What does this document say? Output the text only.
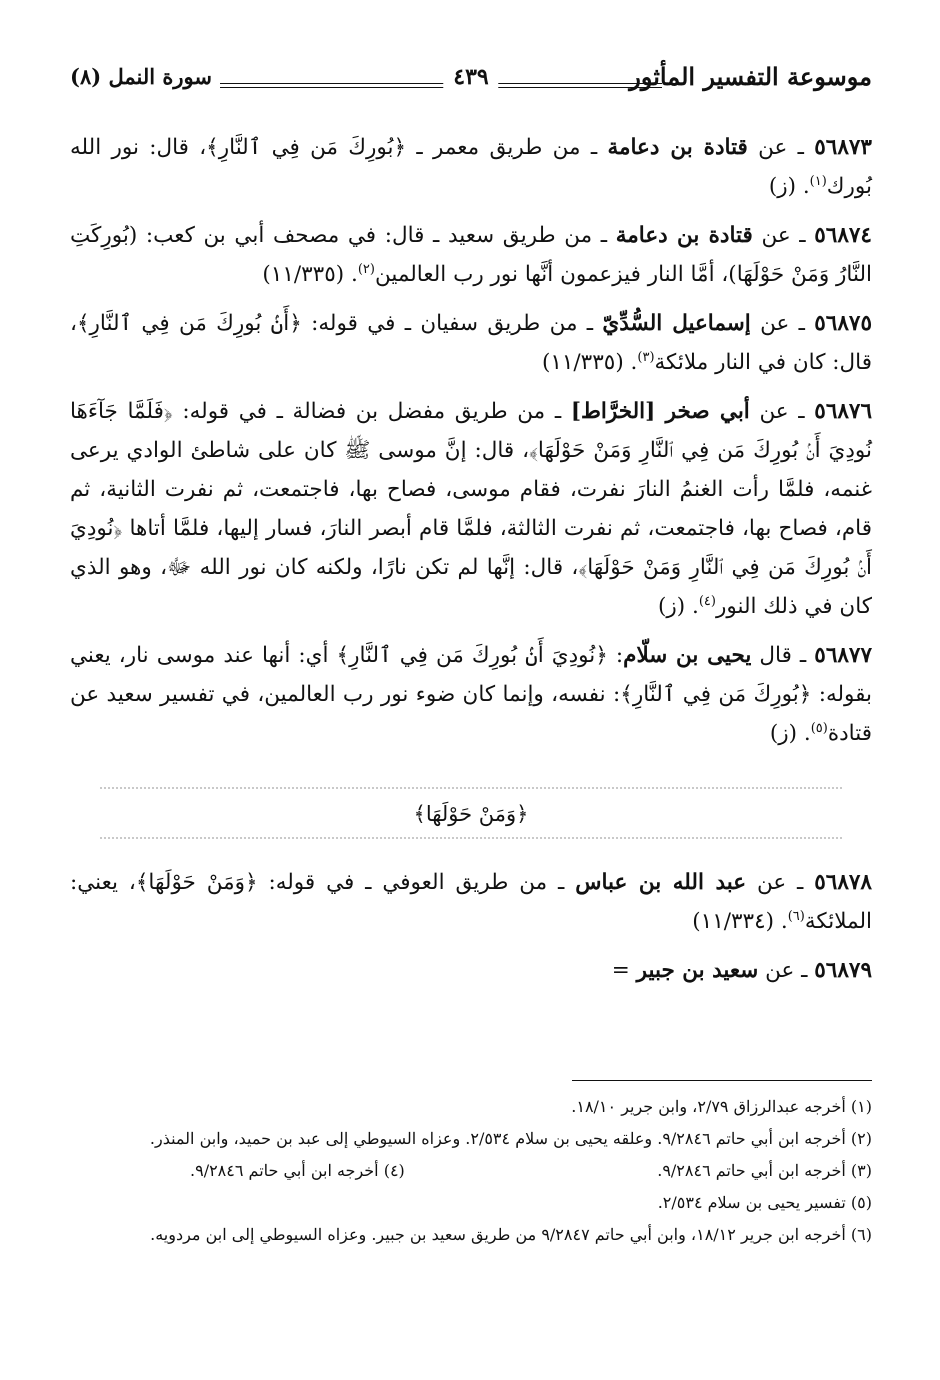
موسوعة التفسير المأثور
٤٣٩
سورة النمل (٨)

٥٦٨٧٣ ـ عن قتادة بن دعامة ـ من طريق معمر ـ ﴿بُورِكَ مَن فِي ٱلنَّارِ﴾، قال: نور الله بُورك$^{(١)}$. (ز)

٥٦٨٧٤ ـ عن قتادة بن دعامة ـ من طريق سعيد ـ قال: في مصحف أبي بن كعب: (بُورِكَتِ النَّارُ وَمَنْ حَوْلَهَا)، أمَّا النار فيزعمون أنَّها نور رب العالمين$^{(٢)}$. (١١/٣٣٥)

٥٦٨٧٥ ـ عن إسماعيل السُّدِّيّ ـ من طريق سفيان ـ في قوله: ﴿أَنۢ بُورِكَ مَن فِي ٱلنَّارِ﴾، قال: كان في النار ملائكة$^{(٣)}$. (١١/٣٣٥)

٥٦٨٧٦ ـ عن أبي صخر [الخرَّاط] ـ من طريق مفضل بن فضالة ـ في قوله: ﴿فَلَمَّا جَآءَهَا نُودِيَ أَنۢ بُورِكَ مَن فِي ٱلنَّارِ وَمَنْ حَوْلَهَا﴾، قال: إنَّ موسى ﷺ كان على شاطئ الوادي يرعى غنمه، فلمَّا رأت الغنمُ النارَ نفرت، فقام موسى، فصاح بها، فاجتمعت، ثم نفرت الثانية، ثم قام، فصاح بها، فاجتمعت، ثم نفرت الثالثة، فلمَّا قام أبصر النارَ، فسار إليها، فلمَّا أتاها ﴿نُودِيَ أَنۢ بُورِكَ مَن فِي ٱلنَّارِ وَمَنْ حَوْلَهَا﴾، قال: إنَّها لم تكن نارًا، ولكنه كان نور الله ﷻ، وهو الذي كان في ذلك النور$^{(٤)}$. (ز)

٥٦٨٧٧ ـ قال يحيى بن سلّام: ﴿نُودِيَ أَنۢ بُورِكَ مَن فِي ٱلنَّارِ﴾ أي: أنها عند موسى نار، يعني بقوله: ﴿بُورِكَ مَن فِي ٱلنَّارِ﴾: نفسه، وإنما كان ضوء نور رب العالمين، في تفسير سعيد عن قتادة$^{(٥)}$. (ز)

﴿وَمَنْ حَوْلَهَا﴾

٥٦٨٧٨ ـ عن عبد الله بن عباس ـ من طريق العوفي ـ في قوله: ﴿وَمَنْ حَوْلَهَا﴾، يعني: الملائكة$^{(٦)}$. (١١/٣٣٤)

٥٦٨٧٩ ـ عن سعيد بن جبير =

(١) أخرجه عبدالرزاق ٢/٧٩، وابن جرير ١٨/١٠.

(٢) أخرجه ابن أبي حاتم ٩/٢٨٤٦. وعلقه يحيى بن سلام ٢/٥٣٤. وعزاه السيوطي إلى عبد بن حميد، وابن المنذر.

(٣) أخرجه ابن أبي حاتم ٩/٢٨٤٦.

(٤) أخرجه ابن أبي حاتم ٩/٢٨٤٦.

(٥) تفسير يحيى بن سلام ٢/٥٣٤.

(٦) أخرجه ابن جرير ١٨/١٢، وابن أبي حاتم ٩/٢٨٤٧ من طريق سعيد بن جبير. وعزاه السيوطي إلى ابن مردويه.
